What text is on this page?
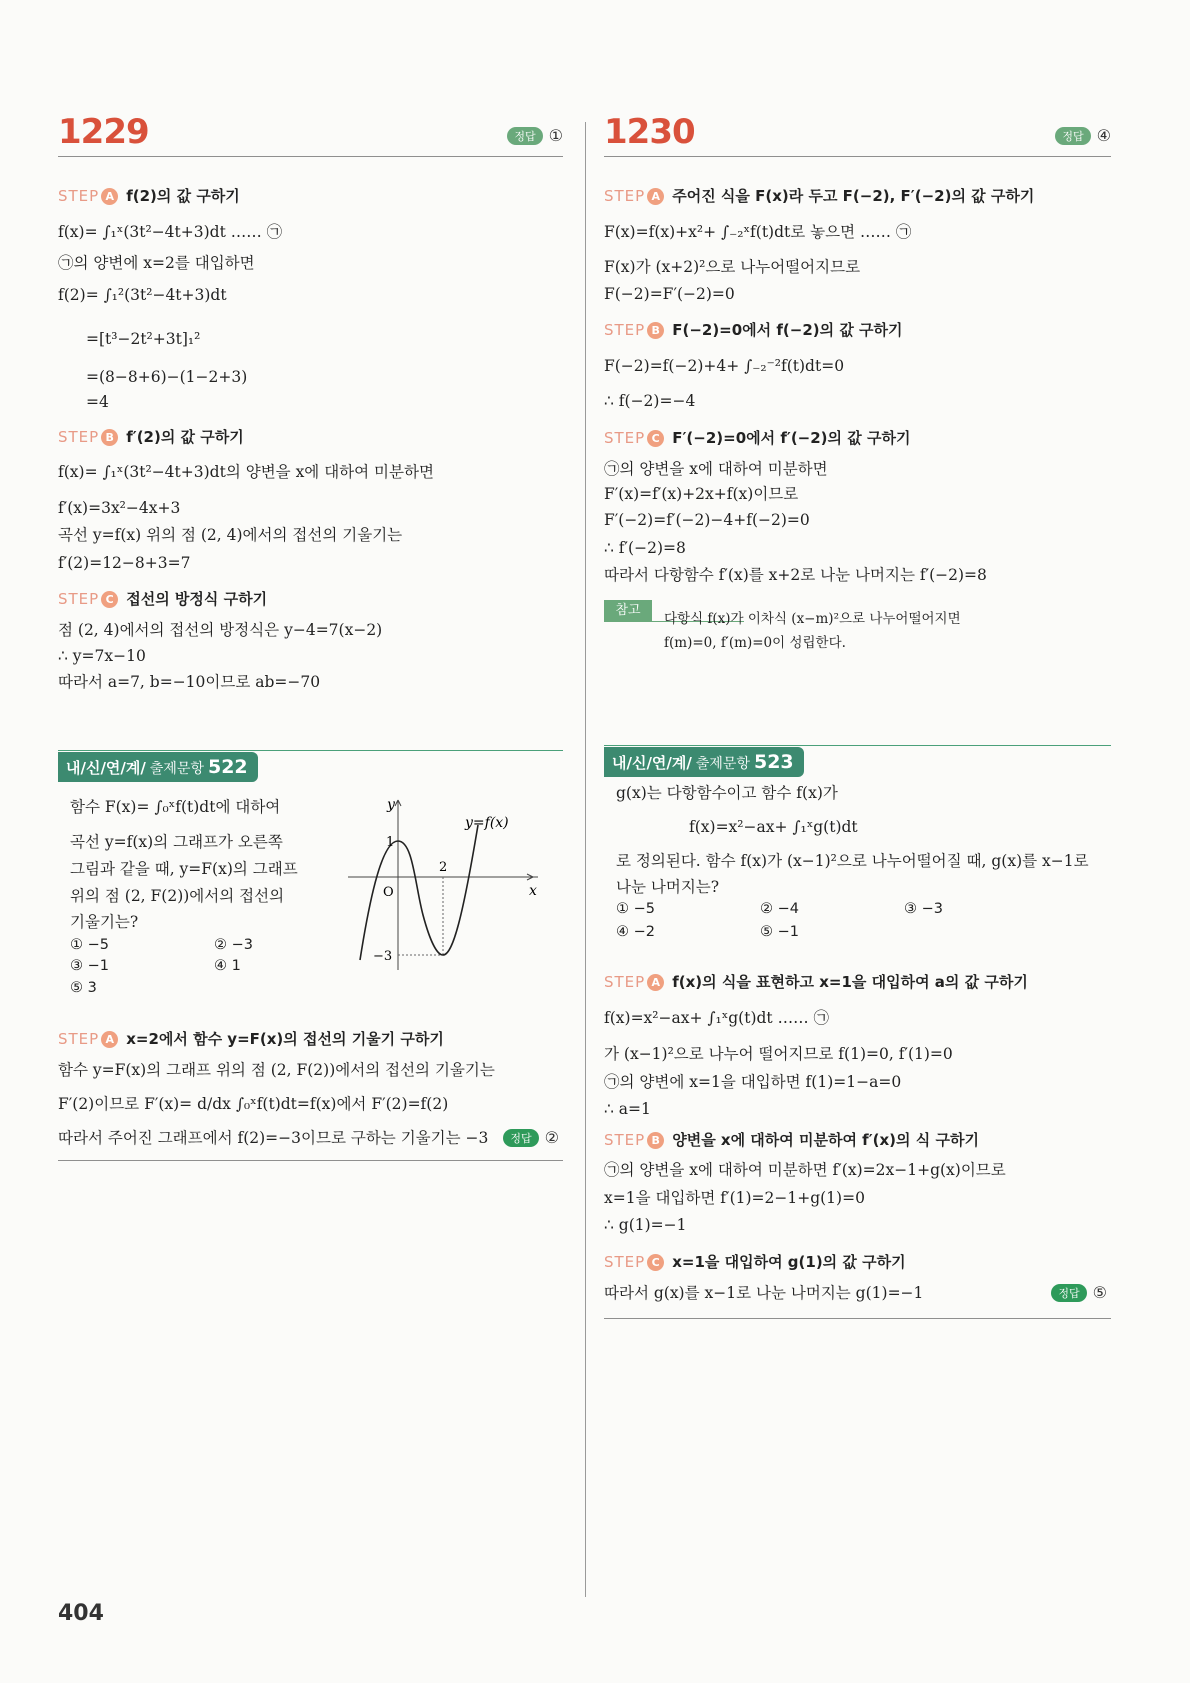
1229	정답 ①
STEP A f(2)의 값 구하기
f(x)= ∫₁ˣ(3t²−4t+3)dt …… ㉠
㉠의 양변에 x=2를 대입하면
f(2)= ∫₁²(3t²−4t+3)dt
=[t³−2t²+3t]₁²
=(8−8+6)−(1−2+3)
=4
STEP B f′(2)의 값 구하기
f(x)= ∫₁ˣ(3t²−4t+3)dt의 양변을 x에 대하여 미분하면
f′(x)=3x²−4x+3
곡선 y=f(x) 위의 점 (2, 4)에서의 접선의 기울기는
f′(2)=12−8+3=7
STEP C 접선의 방정식 구하기
점 (2, 4)에서의 접선의 방정식은 y−4=7(x−2)
∴ y=7x−10
따라서 a=7, b=−10이므로 ab=−70
내/신/연/계/ 출제문항 522
함수 F(x)= ∫₀ˣf(t)dt에 대하여
곡선 y=f(x)의 그래프가 오른쪽
그림과 같을 때, y=F(x)의 그래프
위의 점 (2, F(2))에서의 접선의
기울기는?
① −5	② −3
③ −1	④ 1
⑤ 3
y
x
O
1
2
−3
y=f(x)
STEP A x=2에서 함수 y=F(x)의 접선의 기울기 구하기
함수 y=F(x)의 그래프 위의 점 (2, F(2))에서의 접선의 기울기는
F′(2)이므로 F′(x)= d/dx ∫₀ˣf(t)dt=f(x)에서 F′(2)=f(2)
따라서 주어진 그래프에서 f(2)=−3이므로 구하는 기울기는 −3	정답 ②
1230	정답 ④
STEP A 주어진 식을 F(x)라 두고 F(−2), F′(−2)의 값 구하기
F(x)=f(x)+x²+ ∫₋₂ˣf(t)dt로 놓으면 …… ㉠
F(x)가 (x+2)²으로 나누어떨어지므로
F(−2)=F′(−2)=0
STEP B F(−2)=0에서 f(−2)의 값 구하기
F(−2)=f(−2)+4+ ∫₋₂⁻²f(t)dt=0
∴ f(−2)=−4
STEP C F′(−2)=0에서 f′(−2)의 값 구하기
㉠의 양변을 x에 대하여 미분하면
F′(x)=f′(x)+2x+f(x)이므로
F′(−2)=f′(−2)−4+f(−2)=0
∴ f′(−2)=8
따라서 다항함수 f′(x)를 x+2로 나눈 나머지는 f′(−2)=8
참고
다항식 f(x)가 이차식 (x−m)²으로 나누어떨어지면
f(m)=0, f′(m)=0이 성립한다.
내/신/연/계/ 출제문항 523
g(x)는 다항함수이고 함수 f(x)가
f(x)=x²−ax+ ∫₁ˣg(t)dt
로 정의된다. 함수 f(x)가 (x−1)²으로 나누어떨어질 때, g(x)를 x−1로
나눈 나머지는?
① −5	② −4	③ −3
④ −2	⑤ −1
STEP A f(x)의 식을 표현하고 x=1을 대입하여 a의 값 구하기
f(x)=x²−ax+ ∫₁ˣg(t)dt …… ㉠
가 (x−1)²으로 나누어 떨어지므로 f(1)=0, f′(1)=0
㉠의 양변에 x=1을 대입하면 f(1)=1−a=0
∴ a=1
STEP B 양변을 x에 대하여 미분하여 f′(x)의 식 구하기
㉠의 양변을 x에 대하여 미분하면 f′(x)=2x−1+g(x)이므로
x=1을 대입하면 f′(1)=2−1+g(1)=0
∴ g(1)=−1
STEP C x=1을 대입하여 g(1)의 값 구하기
따라서 g(x)를 x−1로 나눈 나머지는 g(1)=−1	정답 ⑤
404
